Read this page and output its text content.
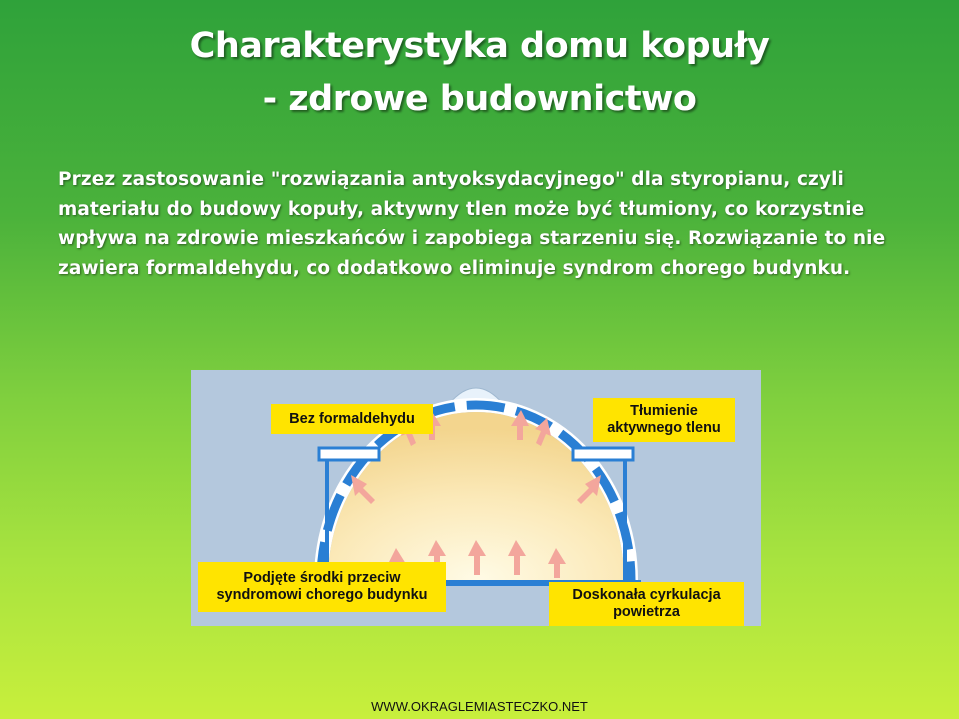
Charakterystyka domu kopuły
- zdrowe budownictwo
Przez zastosowanie "rozwiązania antyoksydacyjnego" dla styropianu, czyli materiału do budowy kopuły, aktywny tlen może być tłumiony, co korzystnie wpływa na zdrowie mieszkańców i zapobiega starzeniu się. Rozwiązanie to nie zawiera formaldehydu, co dodatkowo eliminuje syndrom chorego budynku.
Bez formaldehydu	Tłumienie aktywnego tlenu
Podjęte środki przeciw syndromowi chorego budynku	Doskonała cyrkulacja powietrza
WWW.OKRAGLEMIASTECZKO.NET
